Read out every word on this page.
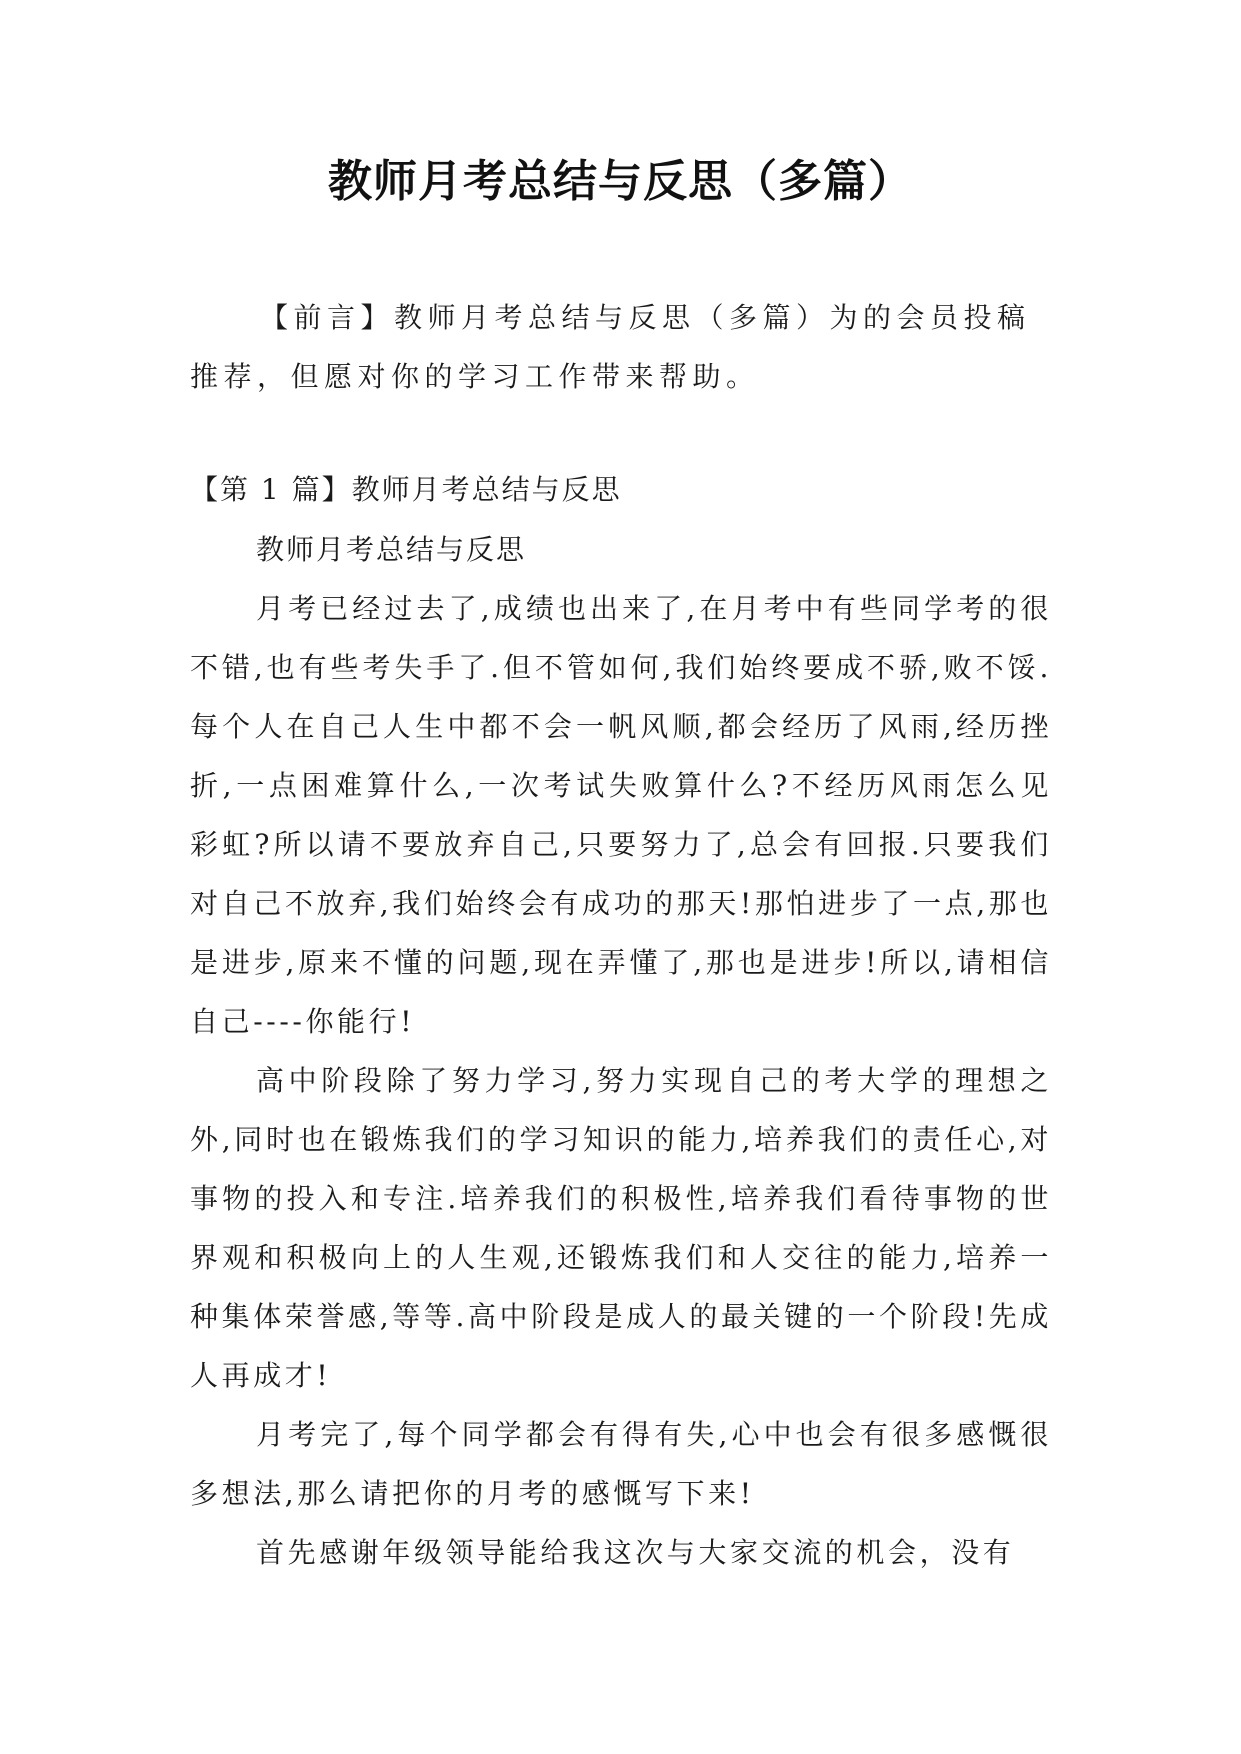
教师月考总结与反思（多篇）
【前言】教师月考总结与反思（多篇）为的会员投稿推荐，但愿对你的学习工作带来帮助。
【第 1 篇】教师月考总结与反思

教师月考总结与反思

月考已经过去了,成绩也出来了,在月考中有些同学考的很不错,也有些考失手了.但不管如何,我们始终要成不骄,败不馁.每个人在自己人生中都不会一帆风顺,都会经历了风雨,经历挫折,一点困难算什么,一次考试失败算什么?不经历风雨怎么见彩虹?所以请不要放弃自己,只要努力了,总会有回报.只要我们对自己不放弃,我们始终会有成功的那天!那怕进步了一点,那也是进步,原来不懂的问题,现在弄懂了,那也是进步!所以,请相信自己----你能行!

高中阶段除了努力学习,努力实现自己的考大学的理想之外,同时也在锻炼我们的学习知识的能力,培养我们的责任心,对事物的投入和专注.培养我们的积极性,培养我们看待事物的世界观和积极向上的人生观,还锻炼我们和人交往的能力,培养一种集体荣誉感,等等.高中阶段是成人的最关键的一个阶段!先成人再成才!

月考完了,每个同学都会有得有失,心中也会有很多感慨很多想法,那么请把你的月考的感慨写下来!

首先感谢年级领导能给我这次与大家交流的机会，没有
